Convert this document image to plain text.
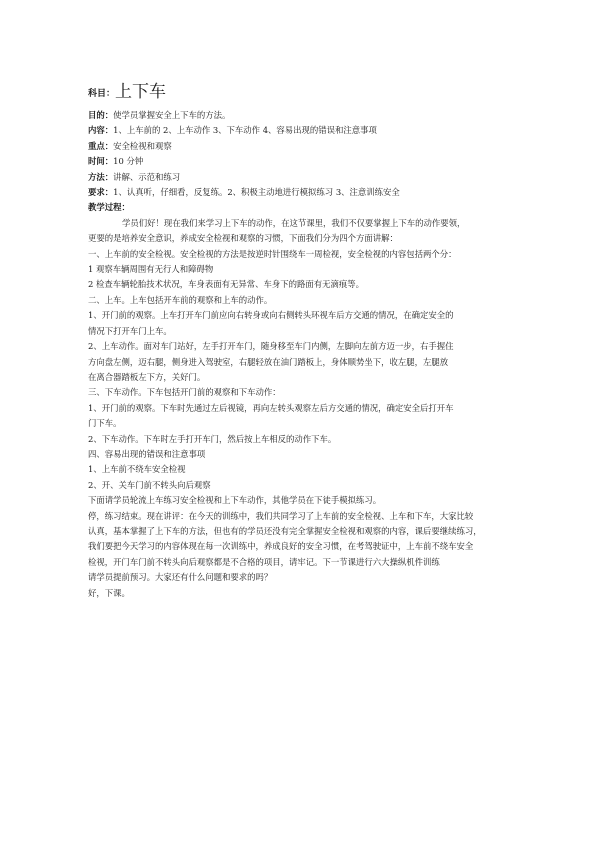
科目：上下车
目的：使学员掌握安全上下车的方法。
内容：1、上车前的 2、上车动作 3、下车动作 4、容易出现的错误和注意事项
重点：安全检视和观察
时间：10 分钟
方法：讲解、示范和练习
要求：1、认真听，仔细看，反复练。2、积极主动地进行模拟练习 3、注意训练安全
教学过程：
学员们好！现在我们来学习上下车的动作，在这节课里，我们不仅要掌握上下车的动作要领，
更要的是培养安全意识，养成安全检视和观察的习惯，下面我们分为四个方面讲解：
一、上车前的安全检视。安全检视的方法是按逆时针围绕车一周检视，安全检视的内容包括两个分：
1 观察车辆周围有无行人和障碍物
2 检查车辆轮胎技术状况，车身表面有无异常、车身下的路面有无滴痕等。
二、上车。上车包括开车前的观察和上车的动作。
1、开门前的观察。上车打开车门前应向右转身或向右侧转头环视车后方交通的情况，在确定安全的
情况下打开车门上车。
2、上车动作。面对车门站好，左手打开车门，随身移至车门内侧，左脚向左前方迈一步，右手握住
方向盘左侧，迈右腿，侧身进入驾驶室，右腿轻放在油门踏板上，身体顺势坐下，收左腿，左腿放
在离合器踏板左下方，关好门。
三、下车动作。下车包括开门前的观察和下车动作：
1、开门前的观察。下车时先通过左后视镜，再向左转头观察左后方交通的情况，确定安全后打开车
门下车。
2、下车动作。下车时左手打开车门，然后按上车相反的动作下车。
四、容易出现的错误和注意事项
1、上车前不绕车安全检视
2、开、关车门前不转头向后观察
下面请学员轮流上车练习安全检视和上下车动作，其他学员在下徒手模拟练习。
停，练习结束。现在讲评：在今天的训练中，我们共同学习了上车前的安全检视、上车和下车，大家比较
认真，基本掌握了上下车的方法，但也有的学员还没有完全掌握安全检视和观察的内容，课后要继续练习，
我们要把今天学习的内容体现在每一次训练中，养成良好的安全习惯，在考驾驶证中，上车前不绕车安全
检视，开门车门前不转头向后观察都是不合格的项目，请牢记。下一节课进行六大操纵机件训练
请学员提前预习。大家还有什么问题和要求的吗？
好，下课。
